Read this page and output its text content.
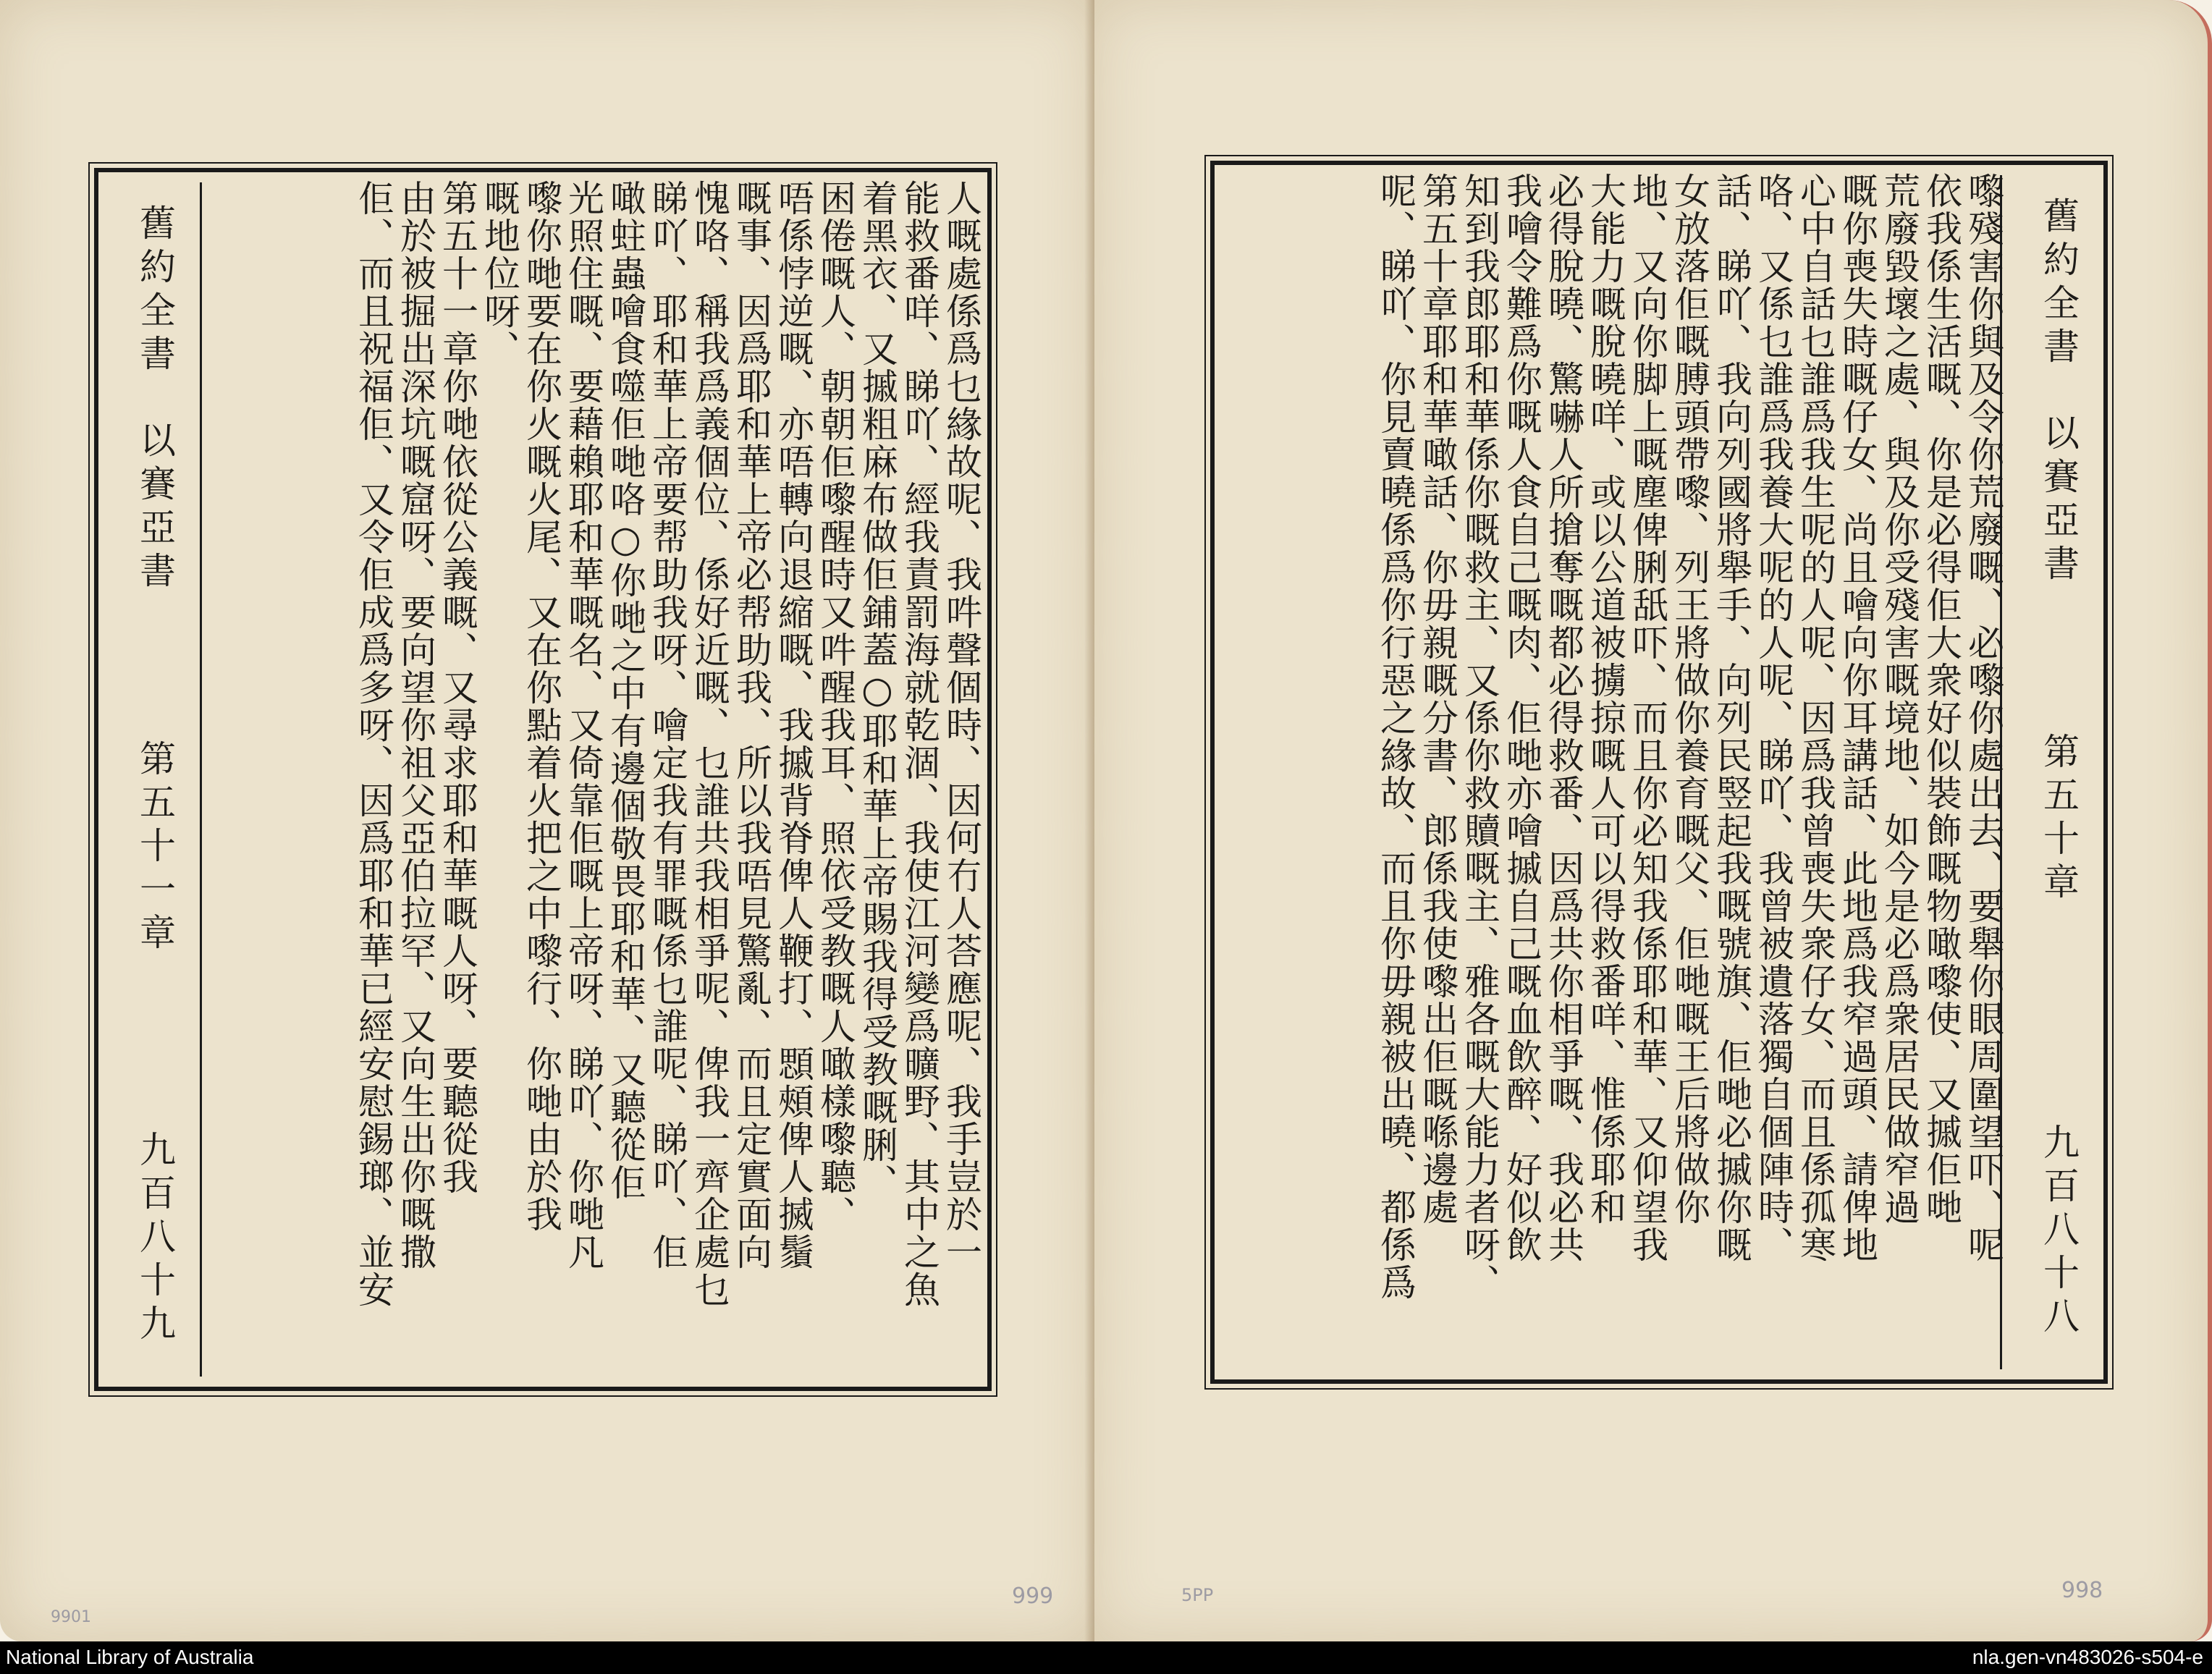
人嘅處係爲乜緣故呢、我吽聲個時、因何冇人荅應呢、我手豈於一
能救番咩、睇吖、經我責罰海就乾涸、我使江河變爲曠野、其中之魚
着黑衣、又摵粗麻布做佢鋪蓋○耶和華上帝賜我得受教嘅脷、
困倦嘅人、朝朝佢嚟醒時又吽醒我耳、照依受教嘅人噉樣嚟聽、
唔係悖逆嘅、亦唔轉向退縮嘅、我摵背脊俾人鞭打、顋頰俾人搣鬚
嘅事、因爲耶和華上帝必帮助我、所以我唔見驚亂、而且定實面向
愧咯、稱我爲義個位、係好近嘅、乜誰共我相爭呢、俾我一齊企處乜
睇吖、耶和華上帝要帮助我呀、噲定我有罪嘅係乜誰呢、睇吖、佢
噉蛀蟲噲食噬佢哋咯○你哋之中有邊個敬畏耶和華、又聽從佢
光照住嘅、要藉賴耶和華嘅名、又倚靠佢嘅上帝呀、睇吖、你哋凡
嚟你哋要在你火嘅火尾、又在你點着火把之中嚟行、你哋由於我
嘅地位呀、
第五十一章你哋依從公義嘅、又尋求耶和華嘅人呀、要聽從我
由於被掘出深坑嘅窟呀、要向望你祖父亞伯拉罕、又向生出你嘅撒
佢、而且祝福佢、又令佢成爲多呀、因爲耶和華已經安慰錫瑯、並安
舊約全書
以賽亞書
第五十一章
九百八十九
999
9901
嚟殘害你與及令你荒廢嘅、必嚟你處出去、要舉你眼周圍望吓、呢
依我係生活嘅、你是必得佢大衆好似裝飾嘅物噉嚟使、又摵佢哋
荒廢毀壞之處、與及你受殘害嘅境地、如今是必爲衆居民做窄過
嘅你喪失時嘅仔女、尚且噲向你耳講話、此地爲我窄過頭、請俾地
心中自話乜誰爲我生呢的人呢、因爲我曾喪失衆仔女、而且係孤寒
咯、又係乜誰爲我養大呢的人呢、睇吖、我曾被遺落獨自個陣時、
話、睇吖、我向列國將舉手、向列民竪起我嘅號旗、佢哋必摵你嘅
女放落佢嘅膊頭帶嚟、列王將做你養育嘅父、佢哋嘅王后將做你
地、又向你脚上嘅塵俾脷舐吓、而且你必知我係耶和華、又仰望我
大能力嘅脫曉咩、或以公道被擄掠嘅人可以得救番咩、惟係耶和
必得脫曉、驚嚇人所搶奪嘅都必得救番、因爲共你相爭嘅、我必共
我噲令難爲你嘅人食自己嘅肉、佢哋亦噲摵自己嘅血飲醉、好似飲
知到我郎耶和華係你嘅救主、又係你救贖嘅主、雅各嘅大能力者呀、
第五十章耶和華噉話、你毋親嘅分書、郎係我使嚟出佢嘅喺邊處
呢、睇吖、你見賣曉係爲你行惡之緣故、而且你毋親被出曉、都係爲	舊約全書
以賽亞書
第五十章
九百八十八
998
5PP
National Library of Australia	nla.gen-vn483026-s504-e
